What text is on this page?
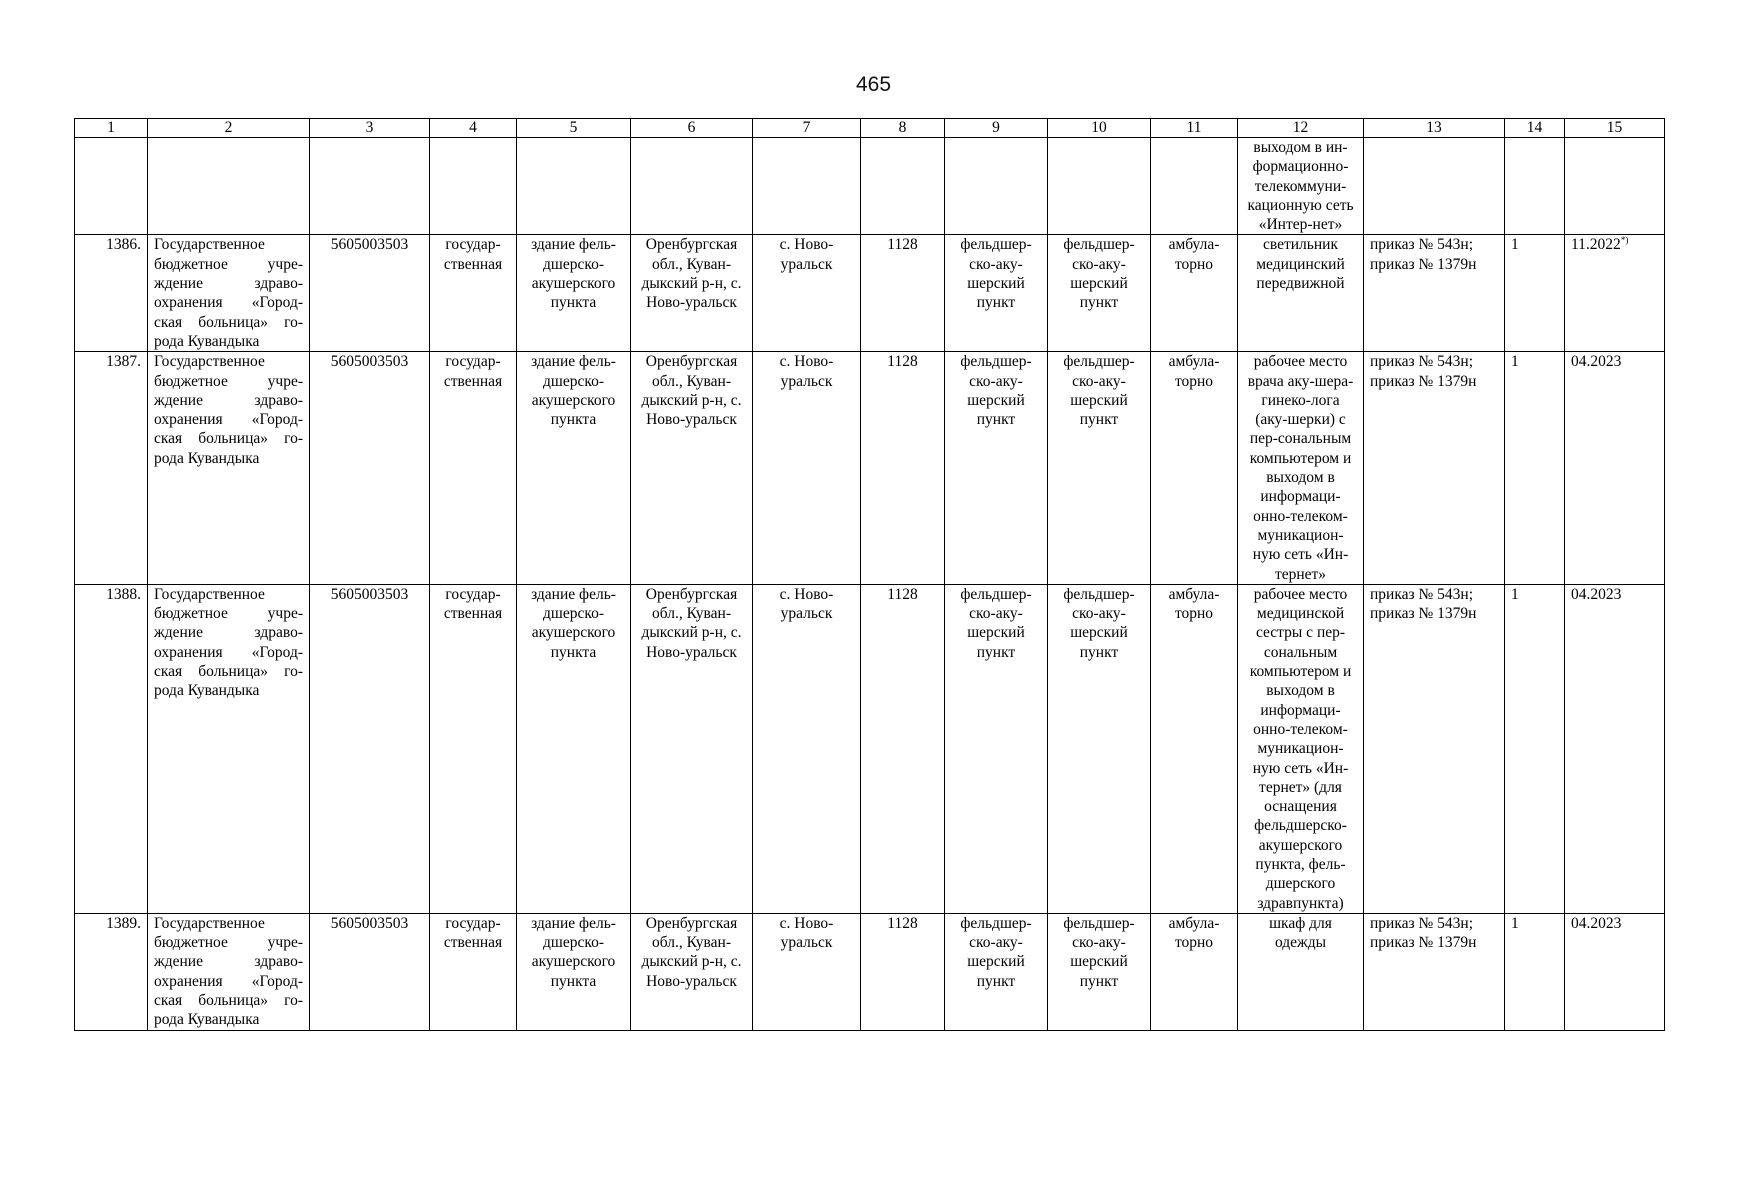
465
1	2	3	4	5	6	7	8	9	10	11	12	13	14	15
											выходом в ин-формационно-телекоммуни-кационную сеть «Интер-нет»			
1386.	Государственное бюджетное учре-ждение здраво-охранения «Город-ская больница» го-рода Кувандыка	5605003503	государ-ственная	здание фель-дшерско-акушерского пункта	Оренбургская обл., Куван-дыкский р-н, с. Ново-уральск	с. Ново-уральск	1128	фельдшер-ско-аку-шерский пункт	фельдшер-ско-аку-шерский пункт	амбула-торно	светильник медицинский передвижной	приказ № 543н; приказ № 1379н	1	11.2022*)
1387.	Государственное бюджетное учре-ждение здраво-охранения «Город-ская больница» го-рода Кувандыка	5605003503	государ-ственная	здание фель-дшерско-акушерского пункта	Оренбургская обл., Куван-дыкский р-н, с. Ново-уральск	с. Ново-уральск	1128	фельдшер-ско-аку-шерский пункт	фельдшер-ско-аку-шерский пункт	амбула-торно	рабочее место врача аку-шера-гинеко-лога (аку-шерки) с пер-сональным компьютером и выходом в информаци-онно-телеком-муникацион-ную сеть «Ин-тернет»	приказ № 543н; приказ № 1379н	1	04.2023
1388.	Государственное бюджетное учре-ждение здраво-охранения «Город-ская больница» го-рода Кувандыка	5605003503	государ-ственная	здание фель-дшерско-акушерского пункта	Оренбургская обл., Куван-дыкский р-н, с. Ново-уральск	с. Ново-уральск	1128	фельдшер-ско-аку-шерский пункт	фельдшер-ско-аку-шерский пункт	амбула-торно	рабочее место медицинской сестры с пер-сональным компьютером и выходом в информаци-онно-телеком-муникацион-ную сеть «Ин-тернет» (для оснащения фельдшерско-акушерского пункта, фель-дшерского здравпункта)	приказ № 543н; приказ № 1379н	1	04.2023
1389.	Государственное бюджетное учре-ждение здраво-охранения «Город-ская больница» го-рода Кувандыка	5605003503	государ-ственная	здание фель-дшерско-акушерского пункта	Оренбургская обл., Куван-дыкский р-н, с. Ново-уральск	с. Ново-уральск	1128	фельдшер-ско-аку-шерский пункт	фельдшер-ско-аку-шерский пункт	амбула-торно	шкаф для одежды	приказ № 543н; приказ № 1379н	1	04.2023
